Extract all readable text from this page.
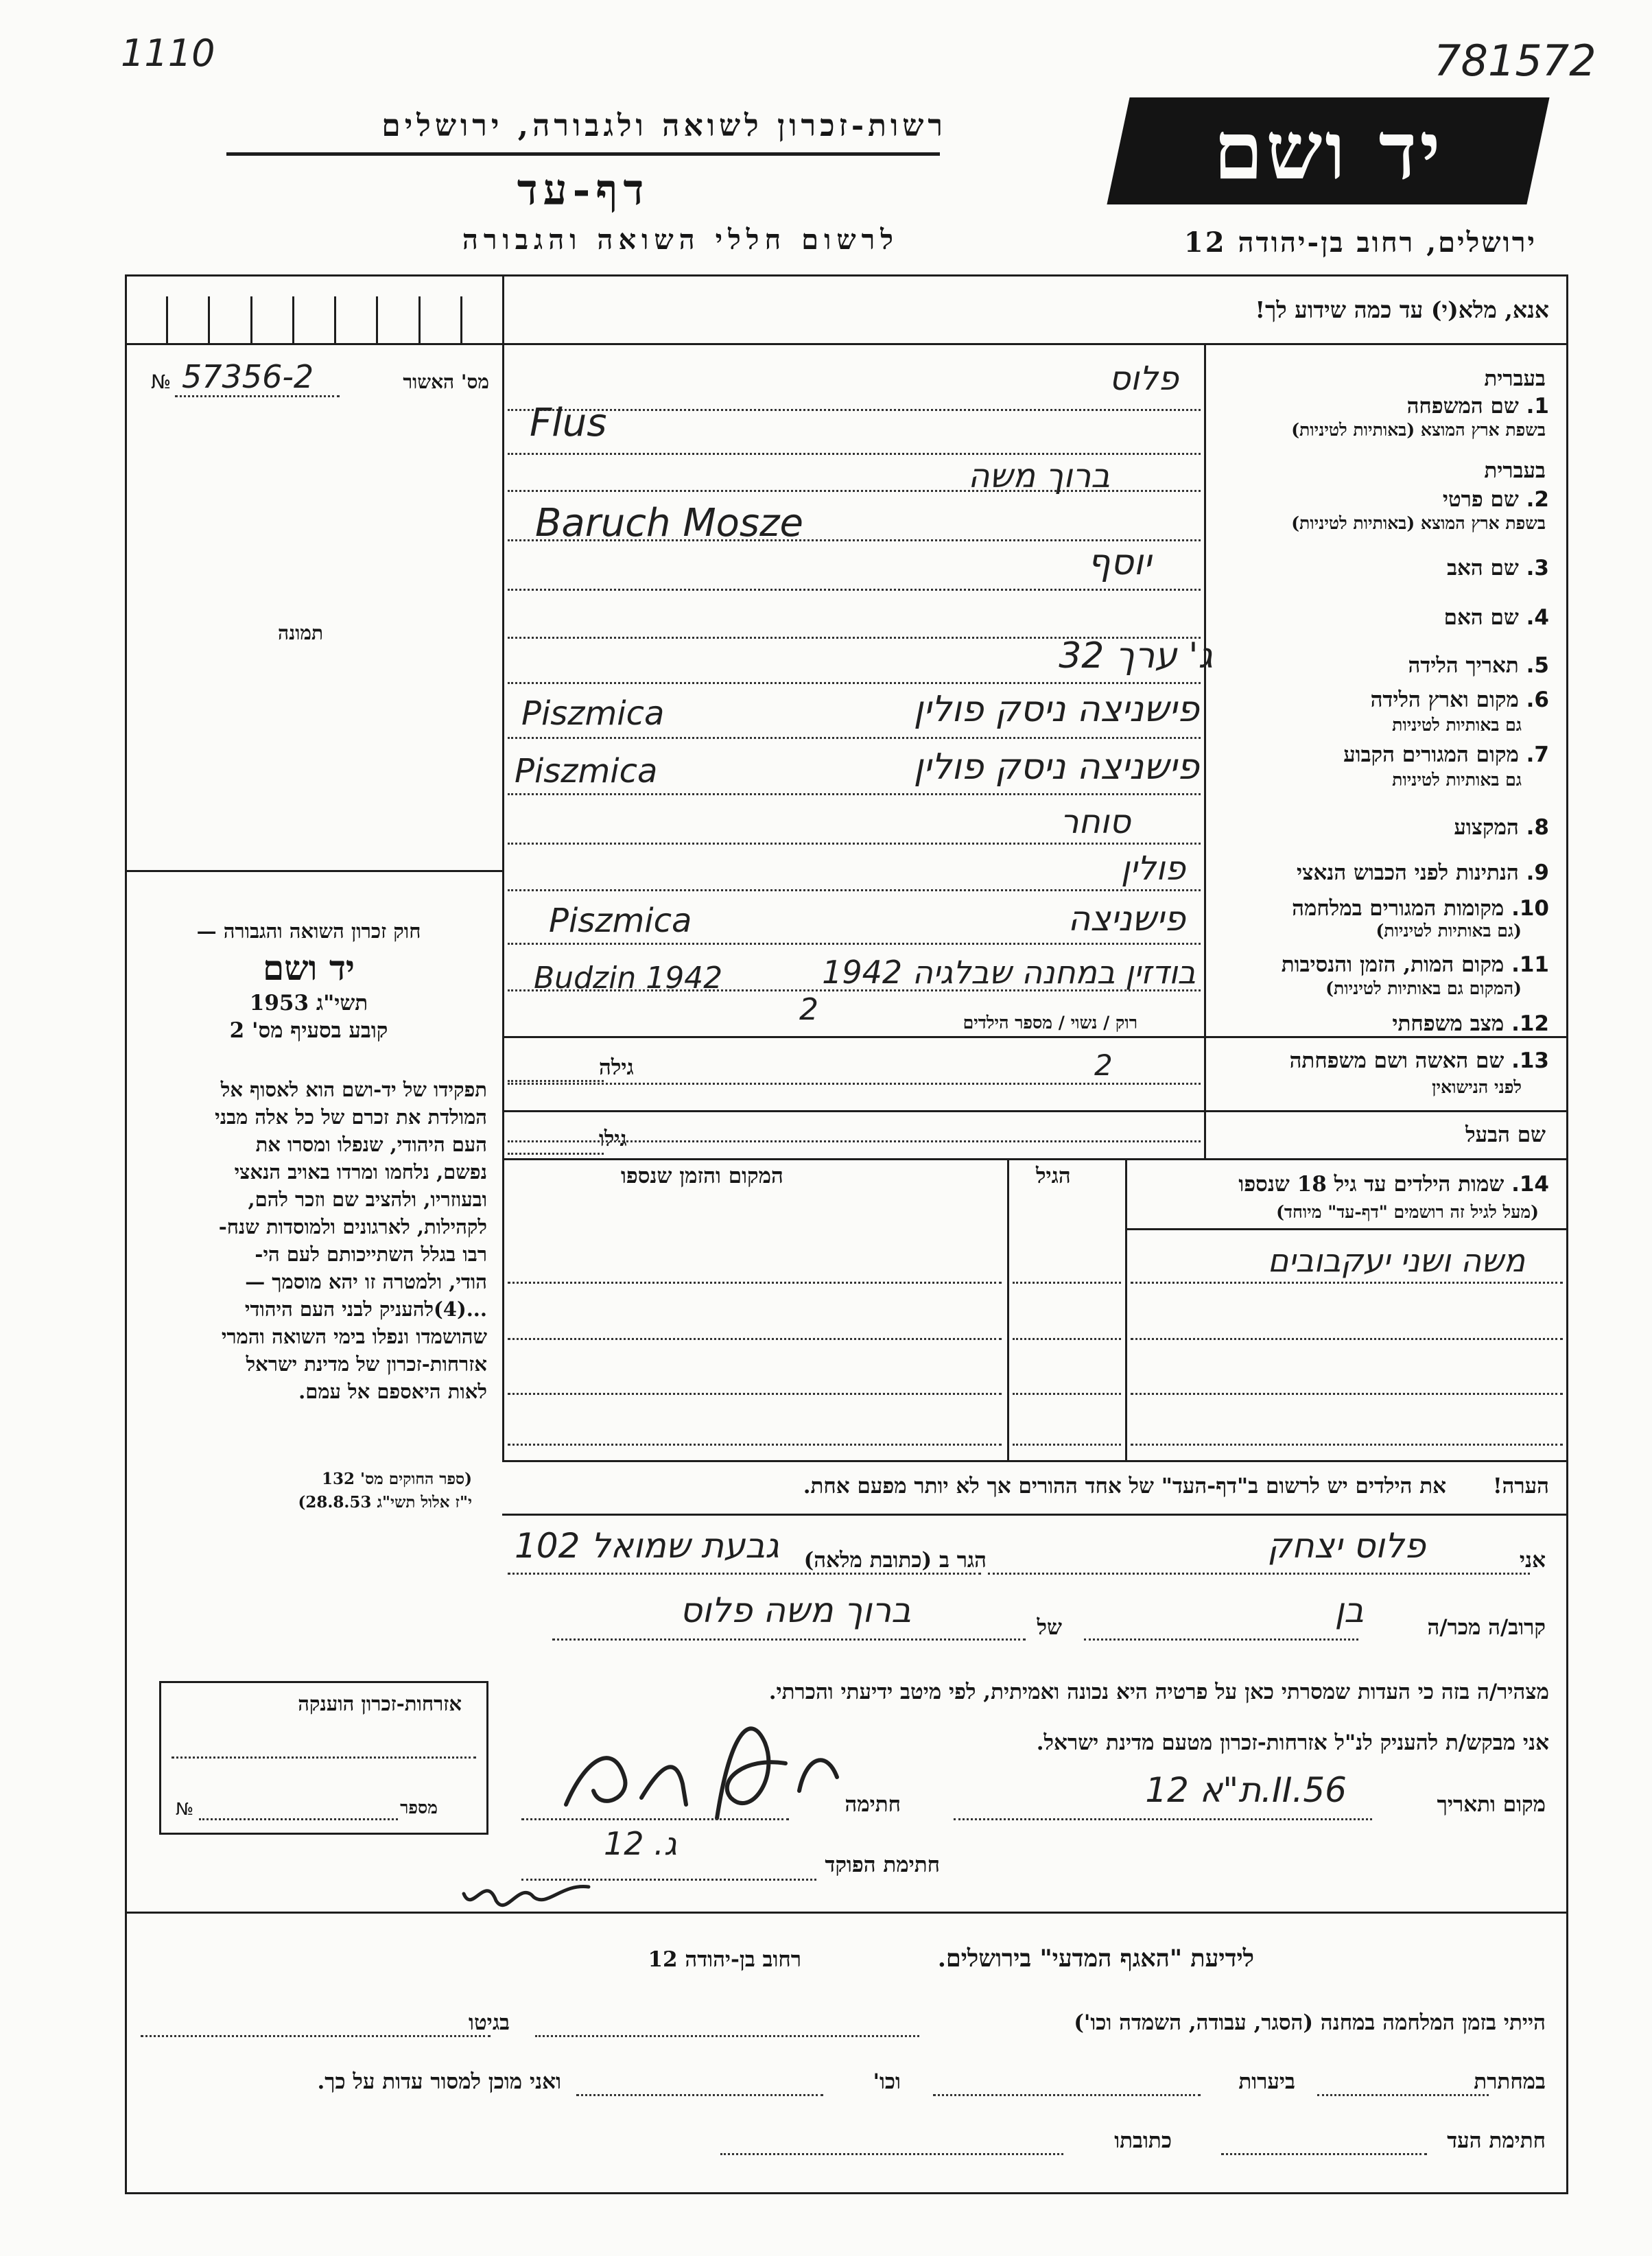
1110	781572
רשות-זכרון לשואה ולגבורה, ירושלים
דף-עד
לרשום חללי השואה והגבורה
יד ושם
ירושלים, רחוב בן-יהודה 12
אנא, מלא(י) עד כמה שידוע לך!
מס' האשור
57356-2
№
תמונה
חוק זכרון השואה והגבורה —
יד ושם
תשי"ג 1953
קובע בסעיף מס' 2
תפקידו של יד-ושם הוא לאסוף אל
המולדת את זכרם של כל אלה מבני
העם היהודי, שנפלו ומסרו את
נפשם, נלחמו ומרדו באויב הנאצי
ובעוזריו, ולהציב שם וזכר להם,
לקהילות, לארגונים ולמוסדות שנח-
רבו בגלל השתייכותם לעם הי-
הודי, ולמטרה זו יהא מוסמך —
...(4)להעניק לבני העם היהודי
שהושמדו ונפלו בימי השואה והמרי
אזרחות-זכרון של מדינת ישראל
לאות היאספם אל עמם.
(ספר החוקים מס' 132
י"ז אלול תשי"ג 28.8.53)
בעברית
1. שם המשפחה
בשפת ארץ המוצא (באותיות לטיניות)
פלוס
Flus
בעברית
2. שם פרטי
בשפת ארץ המוצא (באותיות לטיניות)
ברוך משה
Baruch Mosze
3. שם האב
יוסף
4. שם האם
5. תאריך הלידה
ג' ערך 32
6. מקום וארץ הלידה
גם באותיות לטיניות
פישניצה ניסק פולין
Piszmica
7. מקום המגורים הקבוע
גם באותיות לטיניות
פישניצה ניסק פולין
Piszmica
8. המקצוע
סוחר
9. הנתינות לפני הכבוש הנאצי
פולין
10. מקומות המגורים במלחמה
(גם באותיות לטיניות)
פישניצה
Piszmica
11. מקום המות, הזמן והנסיבות
(המקום גם באותיות לטיניות)
בודזין במחנה שבלגיה 1942
Budzin 1942
12. מצב משפחתי
רוק / נשוי / מספר הילדים
2
13. שם האשה ושם משפחתה
לפני הנישואין
גילה	2
שם הבעל
גילו
14. שמות הילדים עד גיל 18 שנספו
(מעל לגיל זה רושמים "דף-עד" מיוחד)
הגיל
המקום והזמן שנספו
משה ושני יעקבובים
הערה!
את הילדים יש לרשום ב"דף-העד" של אחד ההורים אך לא יותר מפעם אחת.
אני
פלוס יצחק
הגר ב (כתובת מלאה)
גבעת שמואל 102
קרוב/ה מכר/ה
בן
של
ברוך משה פלוס
מצהיר/ה בזה כי העדות שמסרתי כאן על פרטיה היא נכונה ואמיתית, לפי מיטב ידיעתי והכרתי.
אני מבקש/ת להעניק לנ"ל אזרחות-זכרון מטעם מדינת ישראל.
מקום ותאריך
ת"א 12.II.56
חתימה
חתימת הפוקד
ג. 12
אזרחות-זכרון הוענקה
מספר
№
לידיעת "האגף המדעי" בירושלים.
רחוב בן-יהודה 12
הייתי בזמן המלחמה במחנה (הסגר, עבודה, השמדה וכו')
בגיטו
במחתרת
ביערות
וכו'
ואני מוכן למסור עדות על כך.
חתימת העד
כתובתו
